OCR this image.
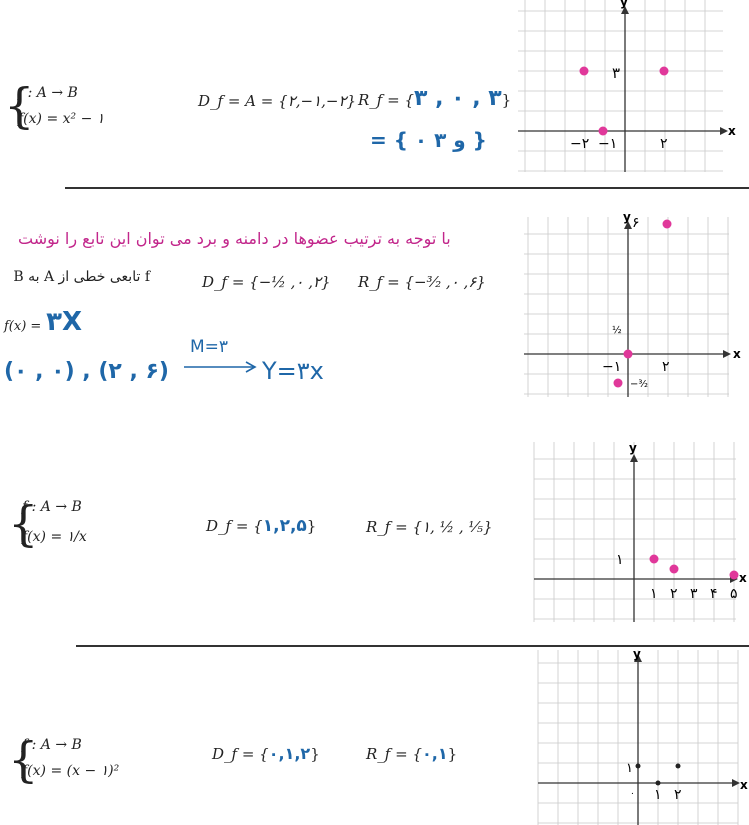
{
f : A → B
f(x) = x² − ۱
D_f = A = {۲,−۱,−۲} R_f = {۳ , ۰ , ۳}
= { ۰ و ۳ }
y
x
۳
−۲ −۱	۲
با توجه به ترتیب عضوها در دامنه و برد می توان این تابع را نوشت
f تابعی خطی از A به B	D_f = {−½ ,۰ ,۲} R_f = {−³⁄₂ ,۰ ,۶}
f(x) = ۳X
(۰ , ۰) , (۲ , ۶)
M=۳
Y=۳x
x
y ۶
½
−۱	۲
−³⁄₂
{
f : A → B
f(x) = ۱/x
D_f = {۱,۲,۵}	R_f = {۱, ½ , ⅕}
x
y
۱
۱ ۲ ۳ ۴ ۵
{
f : A → B
f(x) = (x − ۱)²
D_f = {۰,۱,۲}	R_f = {۰,۱}
x
y
۱
۰ ۱ ۲
